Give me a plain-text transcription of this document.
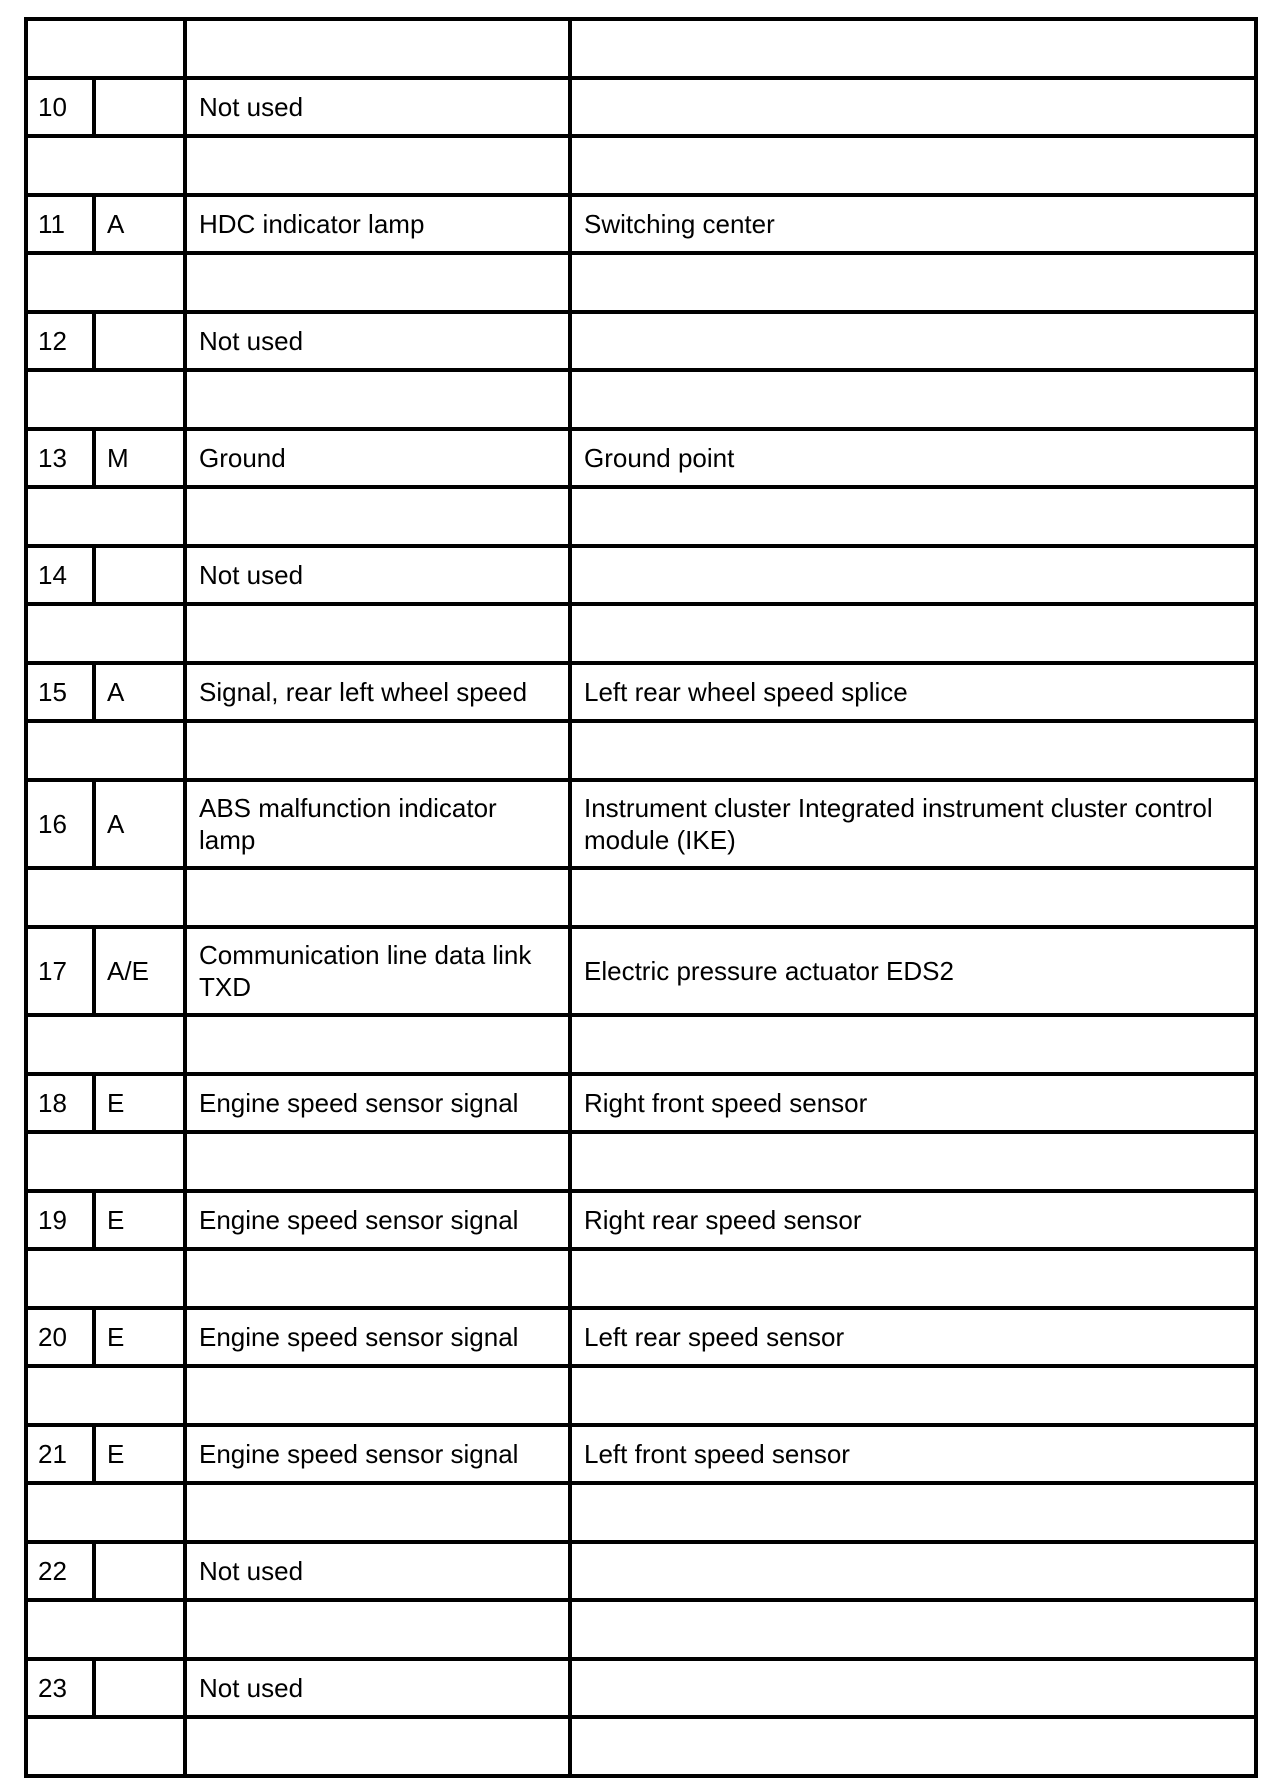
10		Not used	

11	A	HDC indicator lamp	Switching center

12		Not used	

13	M	Ground	Ground point

14		Not used	

15	A	Signal, rear left wheel speed	Left rear wheel speed splice

16	A	ABS malfunction indicator lamp	Instrument cluster Integrated instrument cluster control module (IKE)

17	A/E	Communication line data link TXD	Electric pressure actuator EDS2

18	E	Engine speed sensor signal	Right front speed sensor

19	E	Engine speed sensor signal	Right rear speed sensor

20	E	Engine speed sensor signal	Left rear speed sensor

21	E	Engine speed sensor signal	Left front speed sensor

22		Not used	

23		Not used	
